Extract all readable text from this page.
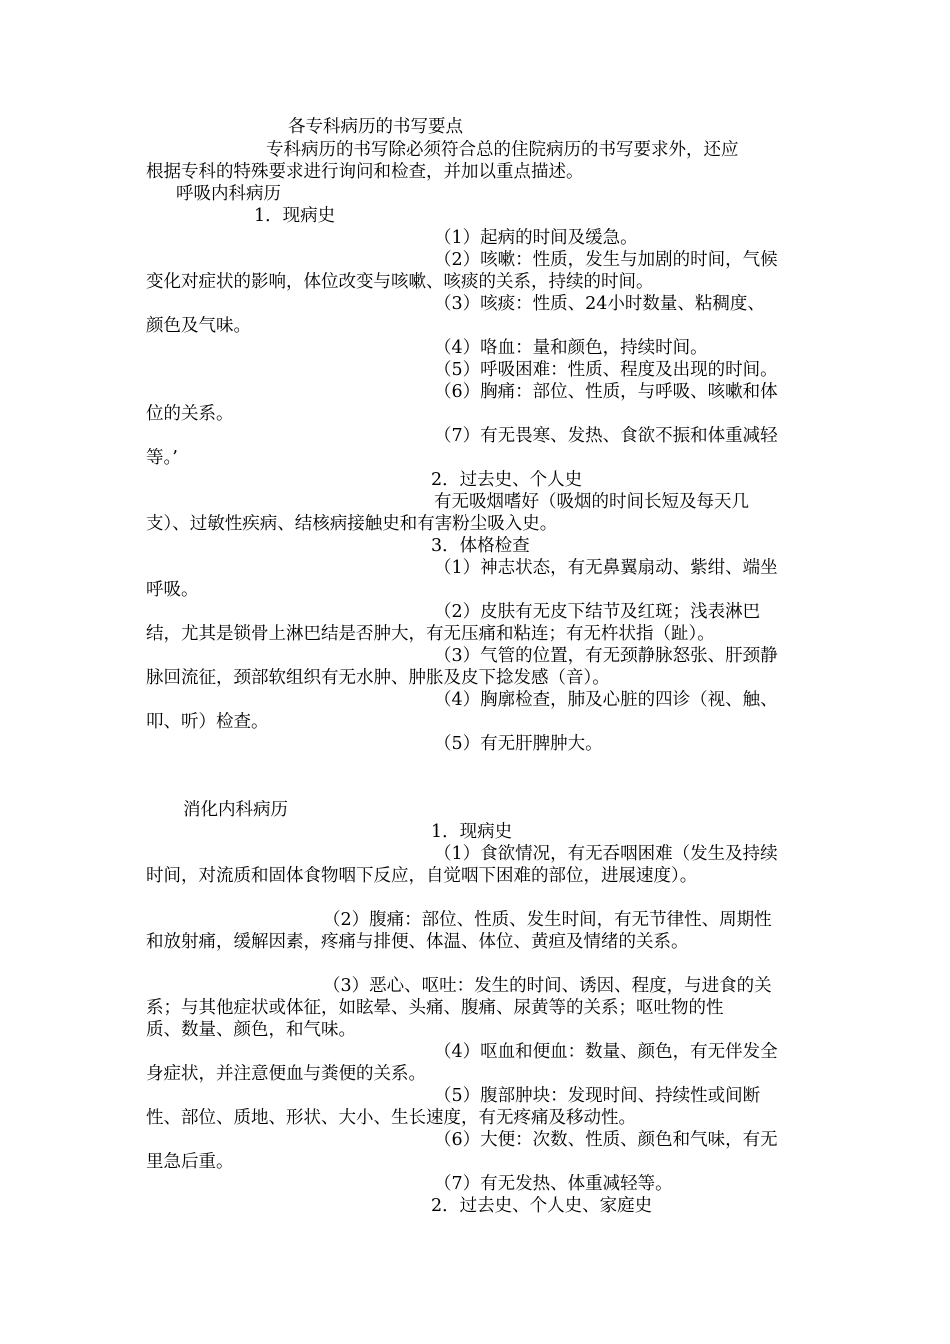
各专科病历的书写要点
专科病历的书写除必须符合总的住院病历的书写要求外，还应
根据专科的特殊要求进行询问和检查，并加以重点描述。
呼吸内科病历
1．现病史
（1）起病的时间及缓急。
（2）咳嗽：性质，发生与加剧的时间，气候
变化对症状的影响，体位改变与咳嗽、咳痰的关系，持续的时间。
（3）咳痰：性质、24小时数量、粘稠度、
颜色及气味。
（4）咯血：量和颜色，持续时间。
（5）呼吸困难：性质、程度及出现的时间。
（6）胸痛：部位、性质，与呼吸、咳嗽和体
位的关系。
（7）有无畏寒、发热、食欲不振和体重减轻
等。’
2．过去史、个人史
有无吸烟嗜好（吸烟的时间长短及每天几
支）、过敏性疾病、结核病接触史和有害粉尘吸入史。
3．体格检查
（1）神志状态，有无鼻翼扇动、紫绀、端坐
呼吸。
（2）皮肤有无皮下结节及红斑；浅表淋巴
结，尤其是锁骨上淋巴结是否肿大，有无压痛和粘连；有无杵状指（趾）。
（3）气管的位置，有无颈静脉怒张、肝颈静
脉回流征，颈部软组织有无水肿、肿胀及皮下捻发感（音）。
（4）胸廓检查，肺及心脏的四诊（视、触、
叩、听）检查。
（5）有无肝脾肿大。
消化内科病历
1．现病史
（1）食欲情况，有无吞咽困难（发生及持续
时间，对流质和固体食物咽下反应，自觉咽下困难的部位，进展速度）。
（2）腹痛：部位、性质、发生时间，有无节律性、周期性
和放射痛，缓解因素，疼痛与排便、体温、体位、黄疸及情绪的关系。
（3）恶心、呕吐：发生的时间、诱因、程度，与进食的关
系；与其他症状或体征，如眩晕、头痛、腹痛、尿黄等的关系；呕吐物的性
质、数量、颜色，和气味。
（4）呕血和便血：数量、颜色，有无伴发全
身症状，并注意便血与粪便的关系。
（5）腹部肿块：发现时间、持续性或间断
性、部位、质地、形状、大小、生长速度，有无疼痛及移动性。
（6）大便：次数、性质、颜色和气味，有无
里急后重。
（7）有无发热、体重减轻等。
2．过去史、个人史、家庭史
